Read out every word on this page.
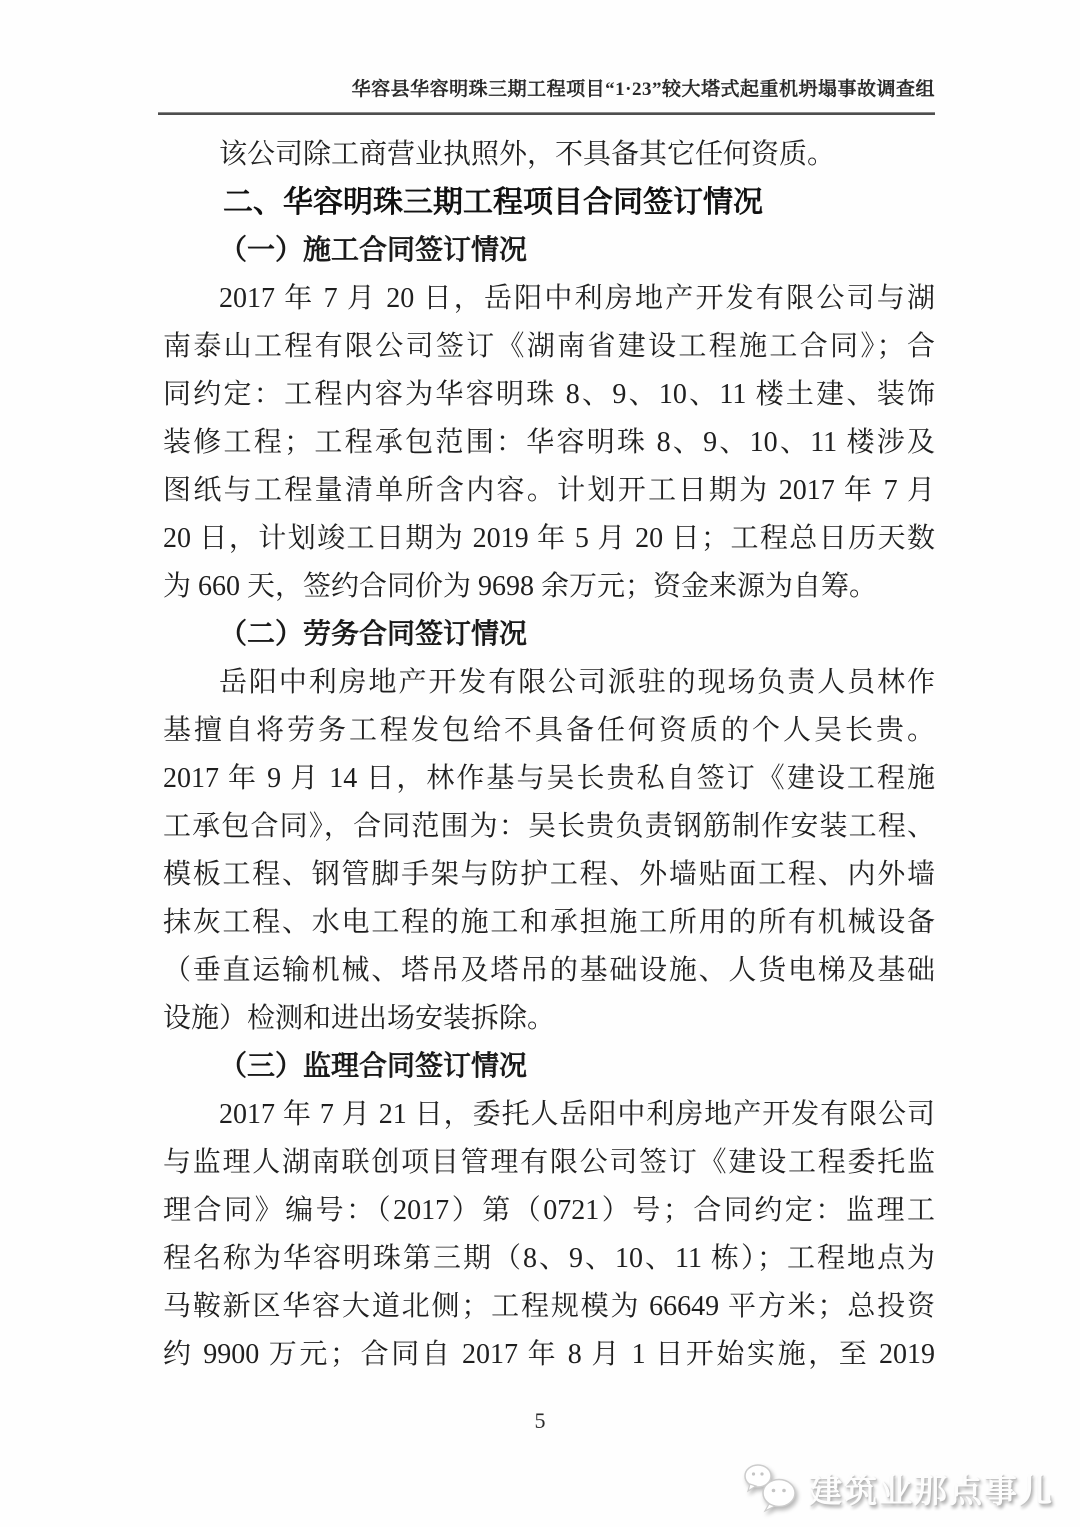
华容县华容明珠三期工程项目“1·23”较大塔式起重机坍塌事故调查组
该公司除工商营业执照外，不具备其它任何资质。
二、华容明珠三期工程项目合同签订情况
（一）施工合同签订情况
2017 年 7 月 20 日，岳阳中利房地产开发有限公司与湖
南泰山工程有限公司签订《湖南省建设工程施工合同》；合
同约定：工程内容为华容明珠 8、9、10、11 楼土建、装饰
装修工程；工程承包范围：华容明珠 8、9、10、11 楼涉及
图纸与工程量清单所含内容。计划开工日期为 2017 年 7 月
20 日，计划竣工日期为 2019 年 5 月 20 日；工程总日历天数
为 660 天，签约合同价为 9698 余万元；资金来源为自筹。
（二）劳务合同签订情况
岳阳中利房地产开发有限公司派驻的现场负责人员林作
基擅自将劳务工程发包给不具备任何资质的个人吴长贵。
2017 年 9 月 14 日，林作基与吴长贵私自签订《建设工程施
工承包合同》，合同范围为：吴长贵负责钢筋制作安装工程、
模板工程、钢管脚手架与防护工程、外墙贴面工程、内外墙
抹灰工程、水电工程的施工和承担施工所用的所有机械设备
（垂直运输机械、塔吊及塔吊的基础设施、人货电梯及基础
设施）检测和进出场安装拆除。
（三）监理合同签订情况
2017 年 7 月 21 日，委托人岳阳中利房地产开发有限公司
与监理人湖南联创项目管理有限公司签订《建设工程委托监
理合同》编号：（2017）第（0721）号；合同约定：监理工
程名称为华容明珠第三期（8、9、10、11 栋）；工程地点为
马鞍新区华容大道北侧；工程规模为 66649 平方米；总投资
约 9900 万元；合同自 2017 年 8 月 1 日开始实施，至 2019
5
建筑业那点事儿
